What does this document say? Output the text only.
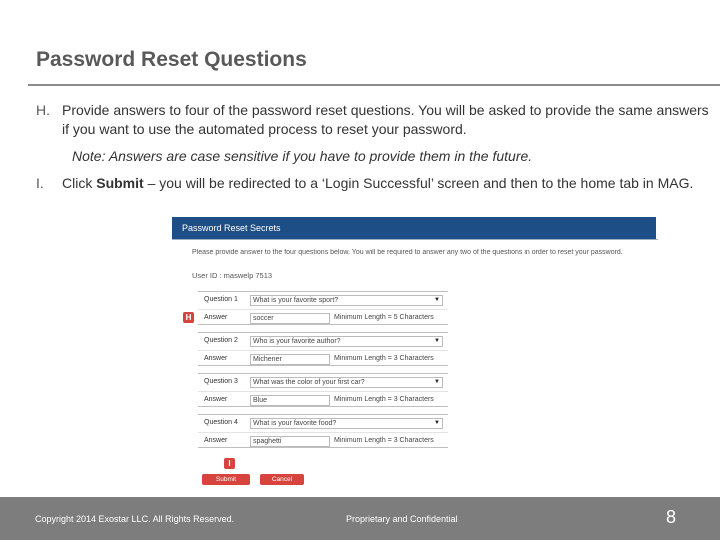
Password Reset Questions
H. Provide answers to four of the password reset questions. You will be asked to provide the same answers if you want to use the automated process to reset your password.
Note: Answers are case sensitive if you have to provide them in the future.
I. Click Submit – you will be redirected to a ‘Login Successful’ screen and then to the home tab in MAG.
Password Reset Secrets
Please provide answer to the four questions below. You will be required to answer any two of the questions in order to reset your password.
User ID : maswelp 7513
Question 1	What is your favorite sport?	▼
Answer	soccer	Minimum Length = 5 Characters
Question 2	Who is your favorite author?	▼
Answer	Michener	Minimum Length = 3 Characters
Question 3	What was the color of your first car?	▼
Answer	Blue	Minimum Length = 3 Characters
Question 4	What is your favorite food?	▼
Answer	spaghetti	Minimum Length = 3 Characters
H
I
Submit	Cancel
Copyright 2014 Exostar LLC. All Rights Reserved.	Proprietary and Confidential	8
